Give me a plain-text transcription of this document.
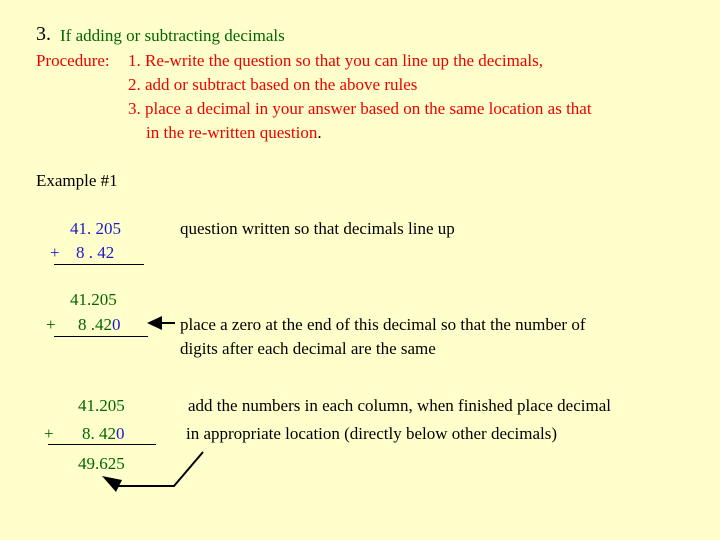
3. If adding or subtracting decimals
Procedure: 1. Re-write the question so that you can line up the decimals,
2. add or subtract based on the above rules
3. place a decimal in your answer based on the same location as that
in the re-written question.
Example #1
41. 205
+ 8 . 42
question written so that decimals line up
41.205
+ 8 .420	place a zero at the end of this decimal so that the number of
digits after each decimal are the same
41.205
+ 8. 420
49.625
add the numbers in each column, when finished place decimal
in appropriate location (directly below other decimals)
